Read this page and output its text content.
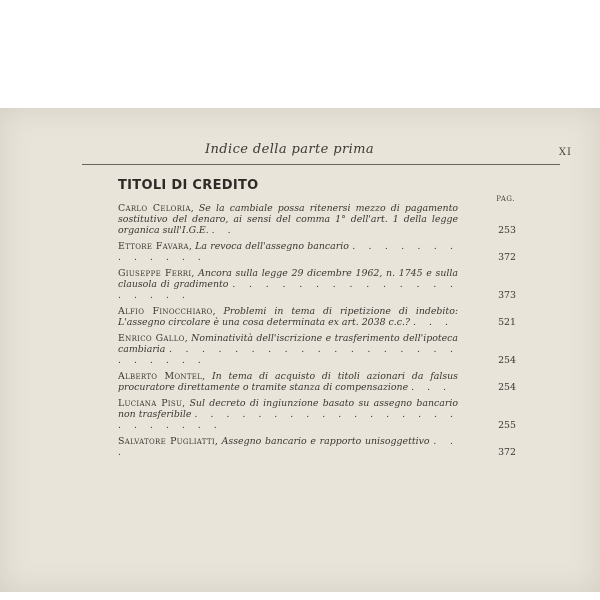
Indice della parte prima	XI
TITOLI DI CREDITO
PAG.
Carlo Celoria, Se la cambiale possa ritenersi mezzo di pagamento sostitutivo del denaro, ai sensi del comma 1° dell'art. 1 della legge organica sull'I.G.E. . .	253
Ettore Favara, La revoca dell'assegno bancario . . . . . . . . . . . . .	372
Giuseppe Ferri, Ancora sulla legge 29 dicembre 1962, n. 1745 e sulla clausola di gradimento . . . . . . . . . . . . . . . . . . .	373
Alfio Finocchiaro, Problemi in tema di ripetizione di indebito: L'assegno circolare è una cosa determinata ex art. 2038 c.c.? . . .	521
Enrico Gallo, Nominatività dell'iscrizione e trasferimento dell'ipoteca cambiaria . . . . . . . . . . . . . . . . . . . . . . . .	254
Alberto Montel, In tema di acquisto di titoli azionari da falsus procuratore direttamente o tramite stanza di compensazione . . .	254
Luciana Pisu, Sul decreto di ingiunzione basato su assegno bancario non trasferibile . . . . . . . . . . . . . . . . . . . . . . . .	255
Salvatore Pugliatti, Assegno bancario e rapporto unisoggettivo . . .	372
